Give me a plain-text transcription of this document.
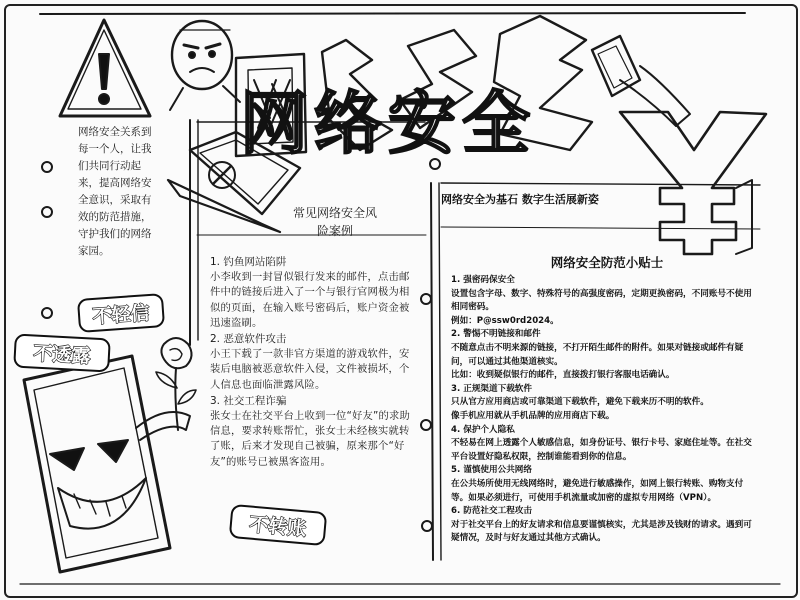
网络安全
网络安全关系到每一个人，让我们共同行动起来，提高网络安全意识，采取有效的防范措施，守护我们的网络家园。
不轻信
不透露
不转账
常见网络安全风险案例
1. 钓鱼网站陷阱
小李收到一封冒似银行发来的邮件，点击邮件中的链接后进入了一个与银行官网极为相似的页面，在输入账号密码后，账户资金被迅速盗刷。
2. 恶意软件攻击
小王下载了一款非官方渠道的游戏软件，安装后电脑被恶意软件入侵，文件被损坏，个人信息也面临泄露风险。
3. 社交工程诈骗
张女士在社交平台上收到一位“好友”的求助信息，要求转账帮忙，张女士未经核实就转了账，后来才发现自己被骗，原来那个“好友”的账号已被黑客盗用。
网络安全为基石 数字生活展新姿
网络安全防范小贴士
1. 强密码保安全
设置包含字母、数字、特殊符号的高强度密码，定期更换密码，不同账号不使用相同密码。
例如：P@ssw0rd2024。
2. 警惕不明链接和邮件
不随意点击不明来源的链接，不打开陌生邮件的附件。如果对链接或邮件有疑问，可以通过其他渠道核实。
比如：收到疑似银行的邮件，直接拨打银行客服电话确认。
3. 正规渠道下载软件
只从官方应用商店或可靠渠道下载软件，避免下载来历不明的软件。
像手机应用就从手机品牌的应用商店下载。
4. 保护个人隐私
不轻易在网上透露个人敏感信息，如身份证号、银行卡号、家庭住址等。在社交平台设置好隐私权限，控制谁能看到你的信息。
5. 谨慎使用公共网络
在公共场所使用无线网络时，避免进行敏感操作，如网上银行转账、购物支付等。如果必须进行，可使用手机流量或加密的虚拟专用网络（VPN）。
6. 防范社交工程攻击
对于社交平台上的好友请求和信息要谨慎核实，尤其是涉及钱财的请求。遇到可疑情况，及时与好友通过其他方式确认。
